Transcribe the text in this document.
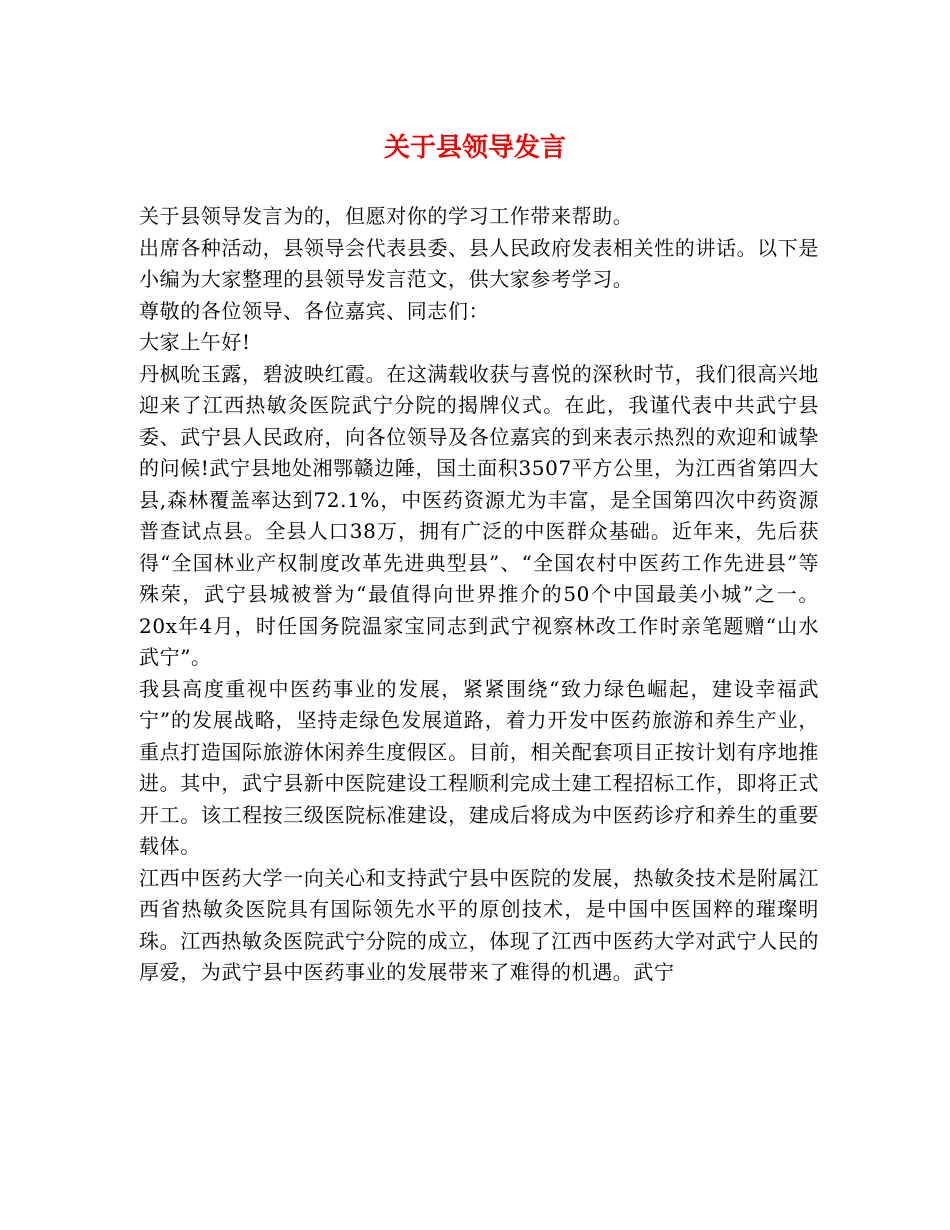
关于县领导发言

关于县领导发言为的，但愿对你的学习工作带来帮助。

出席各种活动，县领导会代表县委、县人民政府发表相关性的讲话。以下是小编为大家整理的县领导发言范文，供大家参考学习。

尊敬的各位领导、各位嘉宾、同志们：

大家上午好!

丹枫吮玉露，碧波映红霞。在这满载收获与喜悦的深秋时节，我们很高兴地迎来了江西热敏灸医院武宁分院的揭牌仪式。在此，我谨代表中共武宁县委、武宁县人民政府，向各位领导及各位嘉宾的到来表示热烈的欢迎和诚挚的问候!武宁县地处湘鄂赣边陲，国土面积3507平方公里，为江西省第四大县,森林覆盖率达到72.1%，中医药资源尤为丰富，是全国第四次中药资源普查试点县。全县人口38万，拥有广泛的中医群众基础。近年来，先后获得“全国林业产权制度改革先进典型县”、“全国农村中医药工作先进县”等殊荣，武宁县城被誉为“最值得向世界推介的50个中国最美小城”之一。20x年4月，时任国务院温家宝同志到武宁视察林改工作时亲笔题赠“山水武宁”。

我县高度重视中医药事业的发展，紧紧围绕“致力绿色崛起，建设幸福武宁”的发展战略，坚持走绿色发展道路，着力开发中医药旅游和养生产业，重点打造国际旅游休闲养生度假区。目前，相关配套项目正按计划有序地推进。其中，武宁县新中医院建设工程顺利完成土建工程招标工作，即将正式开工。该工程按三级医院标准建设，建成后将成为中医药诊疗和养生的重要载体。

江西中医药大学一向关心和支持武宁县中医院的发展，热敏灸技术是附属江西省热敏灸医院具有国际领先水平的原创技术，是中国中医国粹的璀璨明珠。江西热敏灸医院武宁分院的成立，体现了江西中医药大学对武宁人民的厚爱，为武宁县中医药事业的发展带来了难得的机遇。武宁
